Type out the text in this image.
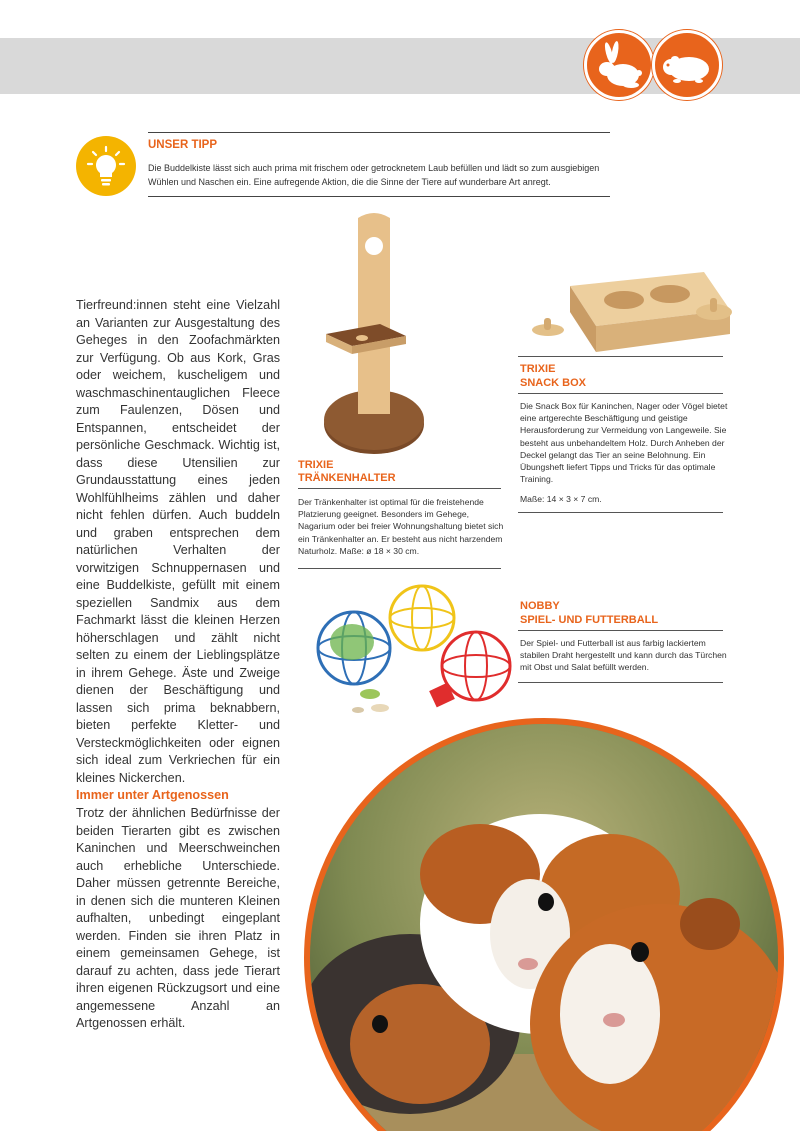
UNSER TIPP
Die Buddelkiste lässt sich auch prima mit frischem oder getrocknetem Laub befüllen und lädt so zum ausgiebigen Wühlen und Naschen ein. Eine aufregende Aktion, die die Sinne der Tiere auf wunderbare Art anregt.
Tierfreund:innen steht eine Vielzahl an Varianten zur Ausgestaltung des Geheges in den Zoofachmärkten zur Verfügung. Ob aus Kork, Gras oder weichem, kuscheligem und waschmaschinentauglichen Fleece zum Faulenzen, Dösen und Entspannen, entscheidet der persönliche Geschmack. Wichtig ist, dass diese Utensilien zur Grundausstattung eines jeden Wohlfühlheims zählen und daher nicht fehlen dürfen. Auch buddeln und graben entsprechen dem natürlichen Verhalten der vorwitzigen Schnuppernasen und eine Buddelkiste, gefüllt mit einem speziellen Sandmix aus dem Fachmarkt lässt die kleinen Herzen höherschlagen und zählt nicht selten zu einem der Lieblingsplätze in ihrem Gehege. Äste und Zweige dienen der Beschäftigung und lassen sich prima beknabbern, bieten perfekte Kletter- und Versteckmöglichkeiten oder eignen sich ideal zum Verkriechen für ein kleines Nickerchen.
Immer unter Artgenossen
Trotz der ähnlichen Bedürfnisse der beiden Tierarten gibt es zwischen Kaninchen und Meerschweinchen auch erhebliche Unterschiede. Daher müssen getrennte Bereiche, in denen sich die munteren Kleinen aufhalten, unbedingt eingeplant werden. Finden sie ihren Platz in einem gemeinsamen Gehege, ist darauf zu achten, dass jede Tierart ihren eigenen Rückzugsort und eine angemessene Anzahl an Artgenossen erhält.
TRIXIE
TRÄNKENHALTER
Der Tränkenhalter ist optimal für die freistehende Platzierung geeignet. Besonders im Gehege, Nagarium oder bei freier Wohnungshaltung bietet sich ein Tränkenhalter an. Er besteht aus nicht harzendem Naturholz. Maße: ø 18 × 30 cm.
TRIXIE
SNACK BOX
Die Snack Box für Kaninchen, Nager oder Vögel bietet eine artgerechte Beschäftigung und geistige Herausforderung zur Vermeidung von Langeweile. Sie besteht aus unbehandeltem Holz. Durch Anheben der Deckel gelangt das Tier an seine Belohnung. Ein Übungsheft liefert Tipps und Tricks für das optimale Training.
Maße: 14 × 3 × 7 cm.
NOBBY
SPIEL- UND FUTTERBALL
Der Spiel- und Futterball ist aus farbig lackiertem stabilen Draht hergestellt und kann durch das Türchen mit Obst und Salat befüllt werden.
